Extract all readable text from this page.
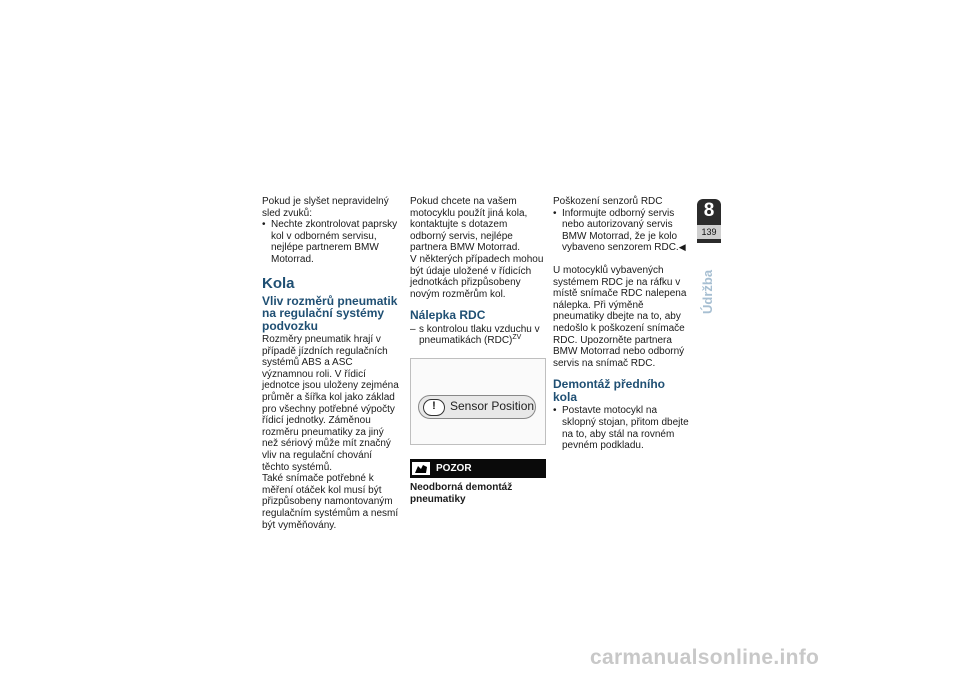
Pokud je slyšet nepravidelný sled zvuků:

• Nechte zkontrolovat paprsky kol v odborném servisu, nejlépe partnerem BMW Motorrad.

Kola
Vliv rozměrů pneumatik na regulační systémy podvozku

Rozměry pneumatik hrají v případě jízdních regulačních systémů ABS a ASC významnou roli. V řídicí jednotce jsou uloženy zejména průměr a šířka kol jako základ pro všechny potřebné výpočty řídicí jednotky. Záměnou rozměru pneumatiky za jiný než sériový může mít značný vliv na regulační chování těchto systémů.

Také snímače potřebné k měření otáček kol musí být přizpůsobeny namontovaným regulačním systémům a nesmí být vyměňovány.

Pokud chcete na vašem motocyklu použít jiná kola, kontaktujte s dotazem odborný servis, nejlépe partnera BMW Motorrad.

V některých případech mohou být údaje uložené v řídicích jednotkách přizpůsobeny novým rozměrům kol.

Nálepka RDC

– s kontrolou tlaku vzduchu v pneumatikách (RDC)$^{ZV}$

!	Sensor Position
POZOR

Neodborná demontáž pneumatiky

Poškození senzorů RDC

• Informujte odborný servis nebo autorizovaný servis BMW Motorrad, že je kolo vybaveno senzorem RDC.◀

U motocyklů vybavených systémem RDC je na ráfku v místě snímače RDC nalepena nálepka. Při výměně pneumatiky dbejte na to, aby nedošlo k poškození snímače RDC. Upozorněte partnera BMW Motorrad nebo odborný servis na snímač RDC.

Demontáž předního kola

• Postavte motocykl na sklopný stojan, přitom dbejte na to, aby stál na rovném pevném podkladu.

8
139
Údržba
carmanualsonline.info
